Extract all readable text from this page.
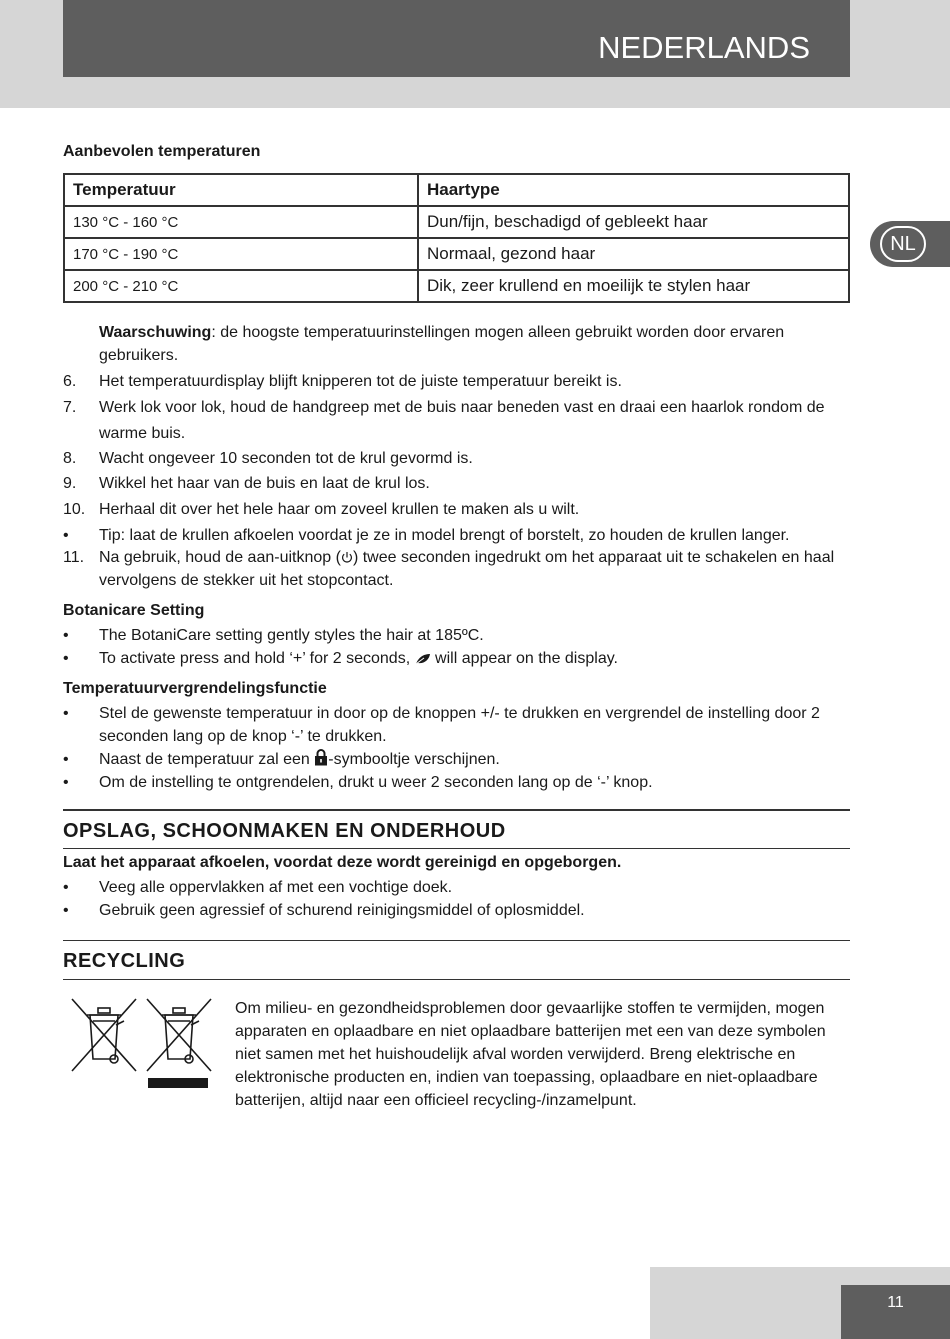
NEDERLANDS
NL
Aanbevolen temperaturen
Temperatuur	Haartype
130 °C - 160 °C	Dun/fijn, beschadigd of gebleekt haar
170 °C - 190 °C	Normaal, gezond haar
200 °C - 210 °C	Dik, zeer krullend en moeilijk te stylen haar
Waarschuwing: de hoogste temperatuurinstellingen mogen alleen gebruikt worden door ervaren gebruikers.
6.	Het temperatuurdisplay blijft knipperen tot de juiste temperatuur bereikt is.
7.	Werk lok voor lok, houd de handgreep met de buis naar beneden vast en draai een haarlok rondom de warme buis.
8.	Wacht ongeveer 10 seconden tot de krul gevormd is.
9.	Wikkel het haar van de buis en laat de krul los.
10. Herhaal dit over het hele haar om zoveel krullen te maken als u wilt.
•	Tip: laat de krullen afkoelen voordat je ze in model brengt of borstelt, zo houden de krullen langer.
11. Na gebruik, houd de aan-uitknop ( ) twee seconden ingedrukt om het apparaat uit te schakelen en haal vervolgens de stekker uit het stopcontact.
Botanicare Setting
•	The BotaniCare setting gently styles the hair at 185ºC.
•	To activate press and hold ‘+’ for 2 seconds, will appear on the display.
Temperatuurvergrendelingsfunctie
•	Stel de gewenste temperatuur in door op de knoppen +/- te drukken en vergrendel de instelling door 2 seconden lang op de knop ‘-’ te drukken.
•	Naast de temperatuur zal een -symbooltje verschijnen.
•	Om de instelling te ontgrendelen, drukt u weer 2 seconden lang op de ‘-’ knop.
OPSLAG, SCHOONMAKEN EN ONDERHOUD
Laat het apparaat afkoelen, voordat deze wordt gereinigd en opgeborgen.
•	Veeg alle oppervlakken af met een vochtige doek.
•	Gebruik geen agressief of schurend reinigingsmiddel of oplosmiddel.
RECYCLING
Om milieu- en gezondheidsproblemen door gevaarlijke stoffen te vermijden, mogen apparaten en oplaadbare en niet oplaadbare batterijen met een van deze symbolen niet samen met het huishoudelijk afval worden verwijderd. Breng elektrische en elektronische producten en, indien van toepassing, oplaadbare en niet-oplaadbare batterijen, altijd naar een officieel recycling-/inzamelpunt.
11
